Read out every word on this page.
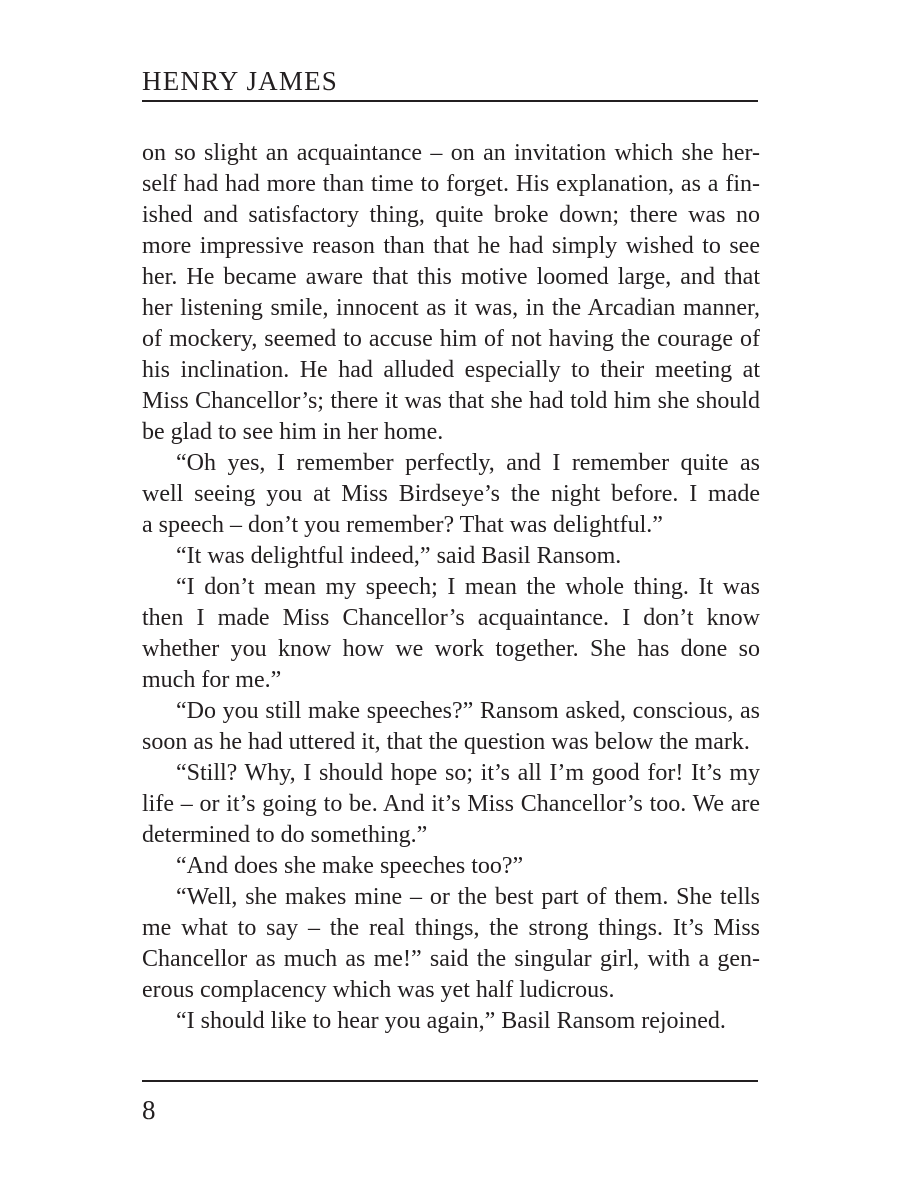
HENRY JAMES
on so slight an acquaintance – on an invitation which she her-
self had had more than time to forget. His explanation, as a fin-
ished and satisfactory thing, quite broke down; there was no
more impressive reason than that he had simply wished to see
her. He became aware that this motive loomed large, and that
her listening smile, innocent as it was, in the Arcadian manner,
of mockery, seemed to accuse him of not having the courage of
his inclination. He had alluded especially to their meeting at
Miss Chancellor’s; there it was that she had told him she should
be glad to see him in her home.
“Oh yes, I remember perfectly, and I remember quite as
well seeing you at Miss Birdseye’s the night before. I made
a speech – don’t you remember? That was delightful.”
“It was delightful indeed,” said Basil Ransom.
“I don’t mean my speech; I mean the whole thing. It was
then I made Miss Chancellor’s acquaintance. I don’t know
whether you know how we work together. She has done so
much for me.”
“Do you still make speeches?” Ransom asked, conscious, as
soon as he had uttered it, that the question was below the mark.
“Still? Why, I should hope so; it’s all I’m good for! It’s my
life – or it’s going to be. And it’s Miss Chancellor’s too. We are
determined to do something.”
“And does she make speeches too?”
“Well, she makes mine – or the best part of them. She tells
me what to say – the real things, the strong things. It’s Miss
Chancellor as much as me!” said the singular girl, with a gen-
erous complacency which was yet half ludicrous.
“I should like to hear you again,” Basil Ransom rejoined.
8
